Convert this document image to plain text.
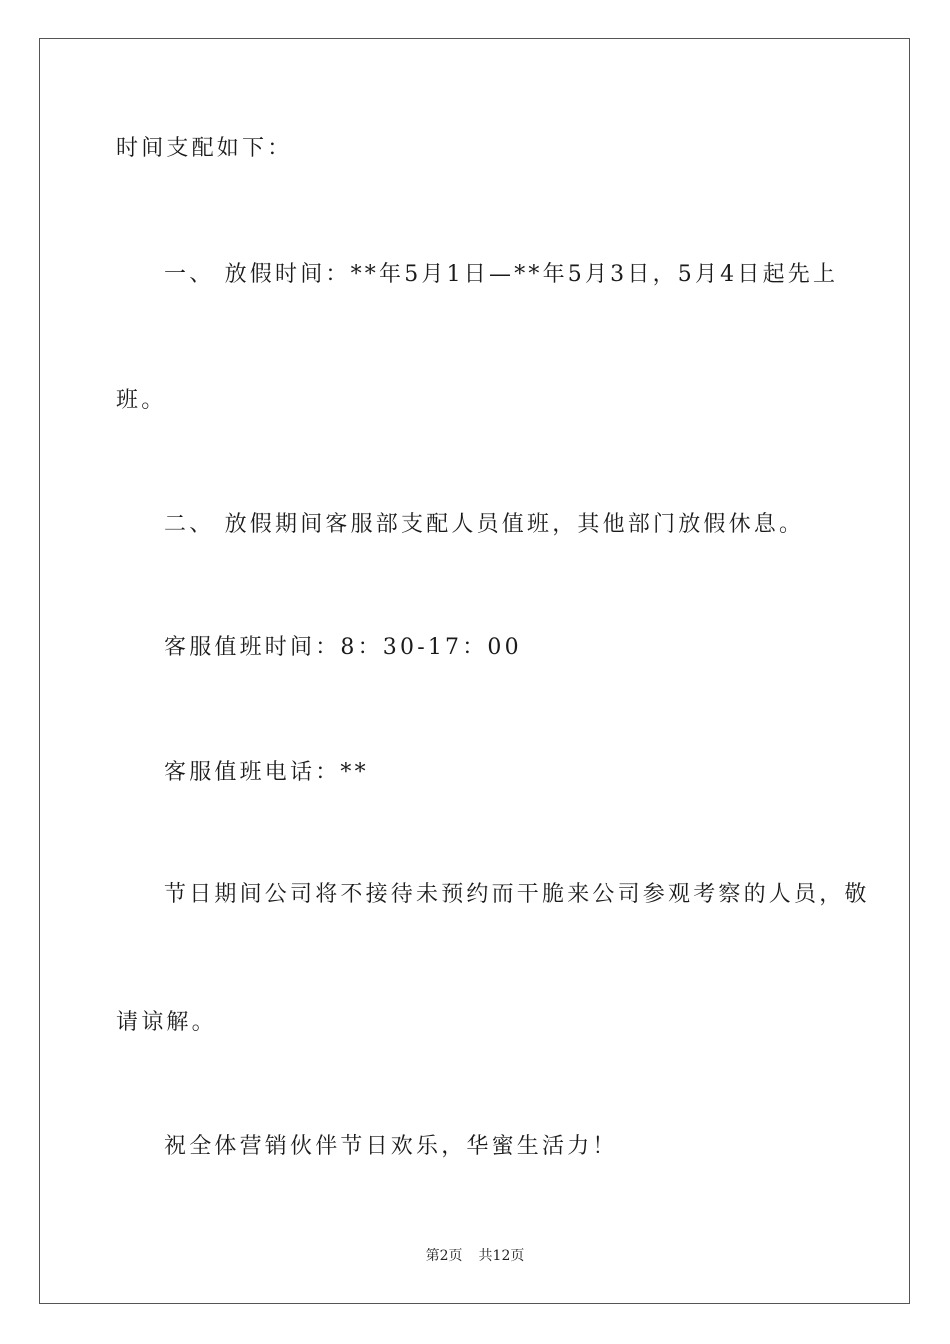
时间支配如下：
一、 放假时间：**年5月1日—**年5月3日，5月4日起先上
班。
二、 放假期间客服部支配人员值班，其他部门放假休息。
客服值班时间：8：30-17：00
客服值班电话：**
节日期间公司将不接待未预约而干脆来公司参观考察的人员，敬
请谅解。
祝全体营销伙伴节日欢乐，华蜜生活力！
第2页 共12页
